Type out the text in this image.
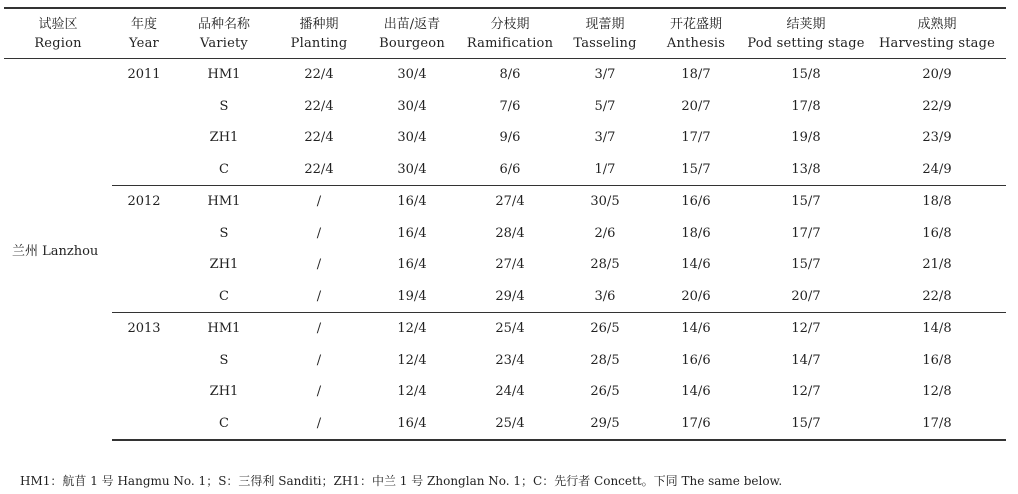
试验区	年度	品种名称	播种期	出苗/返青	分枝期	现蕾期	开花盛期	结荚期	成熟期
Region	Year	Variety	Planting	Bourgeon	Ramification	Tasseling	Anthesis	Pod setting stage	Harvesting stage
兰州 Lanzhou	2011	HM1	22/4	30/4	8/6	3/7	18/7	15/8	20/9
		S	22/4	30/4	7/6	5/7	20/7	17/8	22/9
		ZH1	22/4	30/4	9/6	3/7	17/7	19/8	23/9
		C	22/4	30/4	6/6	1/7	15/7	13/8	24/9
	2012	HM1	/	16/4	27/4	30/5	16/6	15/7	18/8
		S	/	16/4	28/4	2/6	18/6	17/7	16/8
		ZH1	/	16/4	27/4	28/5	14/6	15/7	21/8
		C	/	19/4	29/4	3/6	20/6	20/7	22/8
	2013	HM1	/	12/4	25/4	26/5	14/6	12/7	14/8
		S	/	12/4	23/4	28/5	16/6	14/7	16/8
		ZH1	/	12/4	24/4	26/5	14/6	12/7	12/8
		C	/	16/4	25/4	29/5	17/6	15/7	17/8
HM1：航苜 1 号 Hangmu No. 1；S：三得利 Sanditi；ZH1：中兰 1 号 Zhonglan No. 1；C：先行者 Concett。下同 The same below.
